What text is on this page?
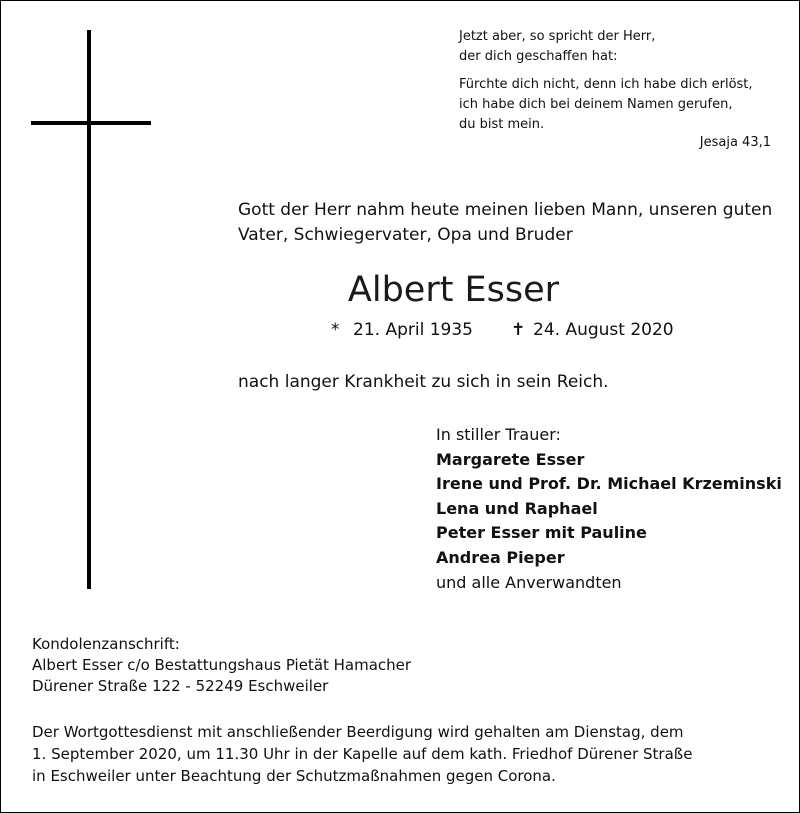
Jetzt aber, so spricht der Herr,
der dich geschaffen hat:
Fürchte dich nicht, denn ich habe dich erlöst,
ich habe dich bei deinem Namen gerufen,
du bist mein.
Jesaja 43,1
Gott der Herr nahm heute meinen lieben Mann, unseren guten
Vater, Schwiegervater, Opa und Bruder
Albert Esser
* 21. April 1935 ✝ 24. August 2020
nach langer Krankheit zu sich in sein Reich.
In stiller Trauer:
Margarete Esser
Irene und Prof. Dr. Michael Krzeminski
Lena und Raphael
Peter Esser mit Pauline
Andrea Pieper
und alle Anverwandten
Kondolenzanschrift:
Albert Esser c/o Bestattungshaus Pietät Hamacher
Dürener Straße 122 - 52249 Eschweiler
Der Wortgottesdienst mit anschließender Beerdigung wird gehalten am Dienstag, dem
1. September 2020, um 11.30 Uhr in der Kapelle auf dem kath. Friedhof Dürener Straße
in Eschweiler unter Beachtung der Schutzmaßnahmen gegen Corona.
